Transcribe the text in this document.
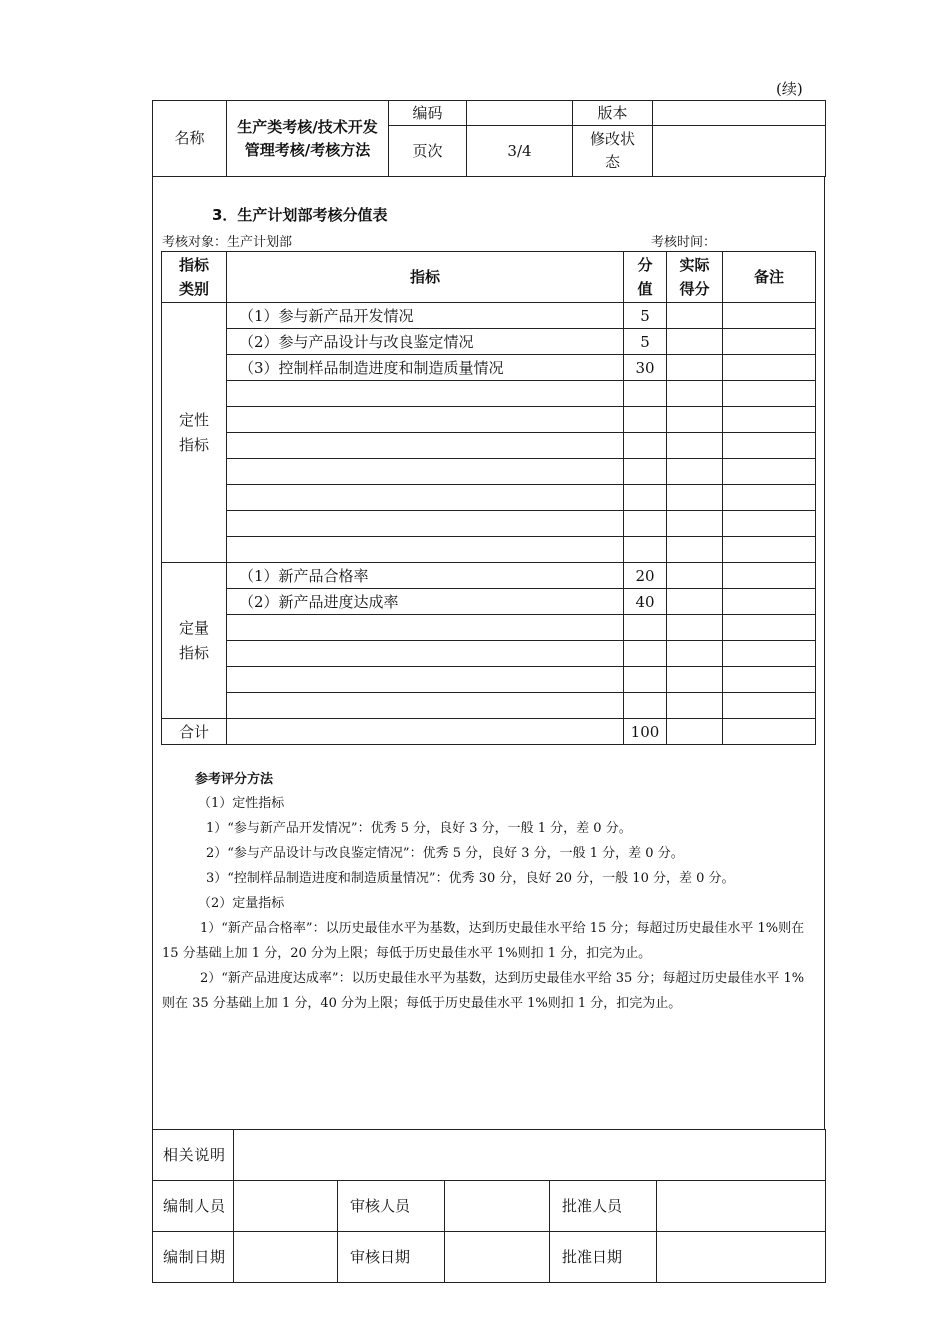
(续)
名称	生产类考核/技术开发管理考核/考核方法	编码		版本	
		页次	3/4	修改状态	
3．生产计划部考核分值表
考核对象：生产计划部	考核时间：
指标类别	指标	分值	实际得分	备注
定性指标	（1）参与新产品开发情况	5		
	（2）参与产品设计与改良鉴定情况	5		
	（3）控制样品制造进度和制造质量情况	30		

定量指标	（1）新产品合格率	20		
	（2）新产品进度达成率	40		

合计		100		
参考评分方法
（1）定性指标
1）“参与新产品开发情况”：优秀 5 分，良好 3 分，一般 1 分，差 0 分。
2）“参与产品设计与改良鉴定情况”：优秀 5 分，良好 3 分，一般 1 分，差 0 分。
3）“控制样品制造进度和制造质量情况”：优秀 30 分，良好 20 分，一般 10 分，差 0 分。
（2）定量指标
1）“新产品合格率”：以历史最佳水平为基数，达到历史最佳水平给 15 分；每超过历史最佳水平 1%则在 15 分基础上加 1 分，20 分为上限；每低于历史最佳水平 1%则扣 1 分，扣完为止。
2）“新产品进度达成率”：以历史最佳水平为基数，达到历史最佳水平给 35 分；每超过历史最佳水平 1%则在 35 分基础上加 1 分，40 分为上限；每低于历史最佳水平 1%则扣 1 分，扣完为止。
相关说明					

编制人员		审核人员		批准人员	

编制日期		审核日期		批准日期	
